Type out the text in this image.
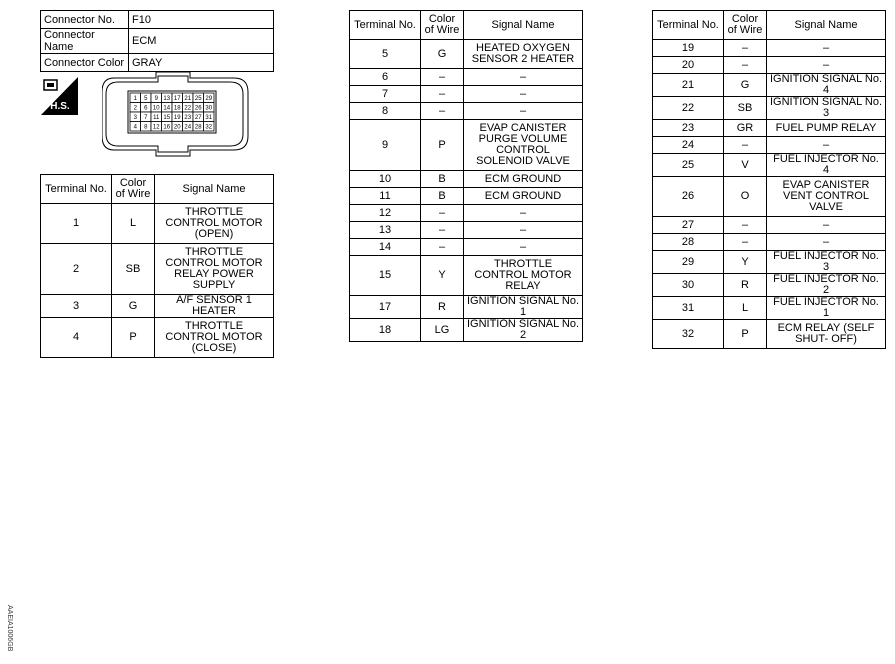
Connector No.	F10
Connector Name	ECM
Connector Color	GRAY
H.S.
1 5 9 13 17 21 25 29
2 6 10 14 18 22 26 30
3 7 11 15 19 23 27 31
4 8 12 16 20 24 28 32
Terminal No.	Color of Wire	Signal Name
1	L	THROTTLE CONTROL MOTOR (OPEN)
2	SB	THROTTLE CONTROL MOTOR RELAY POWER SUPPLY
3	G	A/F SENSOR 1 HEATER
4	P	THROTTLE CONTROL MOTOR (CLOSE)
Terminal No.	Color of Wire	Signal Name
5	G	HEATED OXYGEN SENSOR 2 HEATER
6	–	–
7	–	–
8	–	–
9	P	EVAP CANISTER PURGE VOLUME CONTROL SOLENOID VALVE
10	B	ECM GROUND
11	B	ECM GROUND
12	–	–
13	–	–
14	–	–
15	Y	THROTTLE CONTROL MOTOR RELAY
17	R	IGNITION SIGNAL No. 1
18	LG	IGNITION SIGNAL No. 2
Terminal No.	Color of Wire	Signal Name
19	–	–
20	–	–
21	G	IGNITION SIGNAL No. 4
22	SB	IGNITION SIGNAL No. 3
23	GR	FUEL PUMP RELAY
24	–	–
25	V	FUEL INJECTOR No. 4
26	O	EVAP CANISTER VENT CONTROL VALVE
27	–	–
28	–	–
29	Y	FUEL INJECTOR No. 3
30	R	FUEL INJECTOR No. 2
31	L	FUEL INJECTOR No. 1
32	P	ECM RELAY (SELF SHUT- OFF)
AAEIA1006GB
